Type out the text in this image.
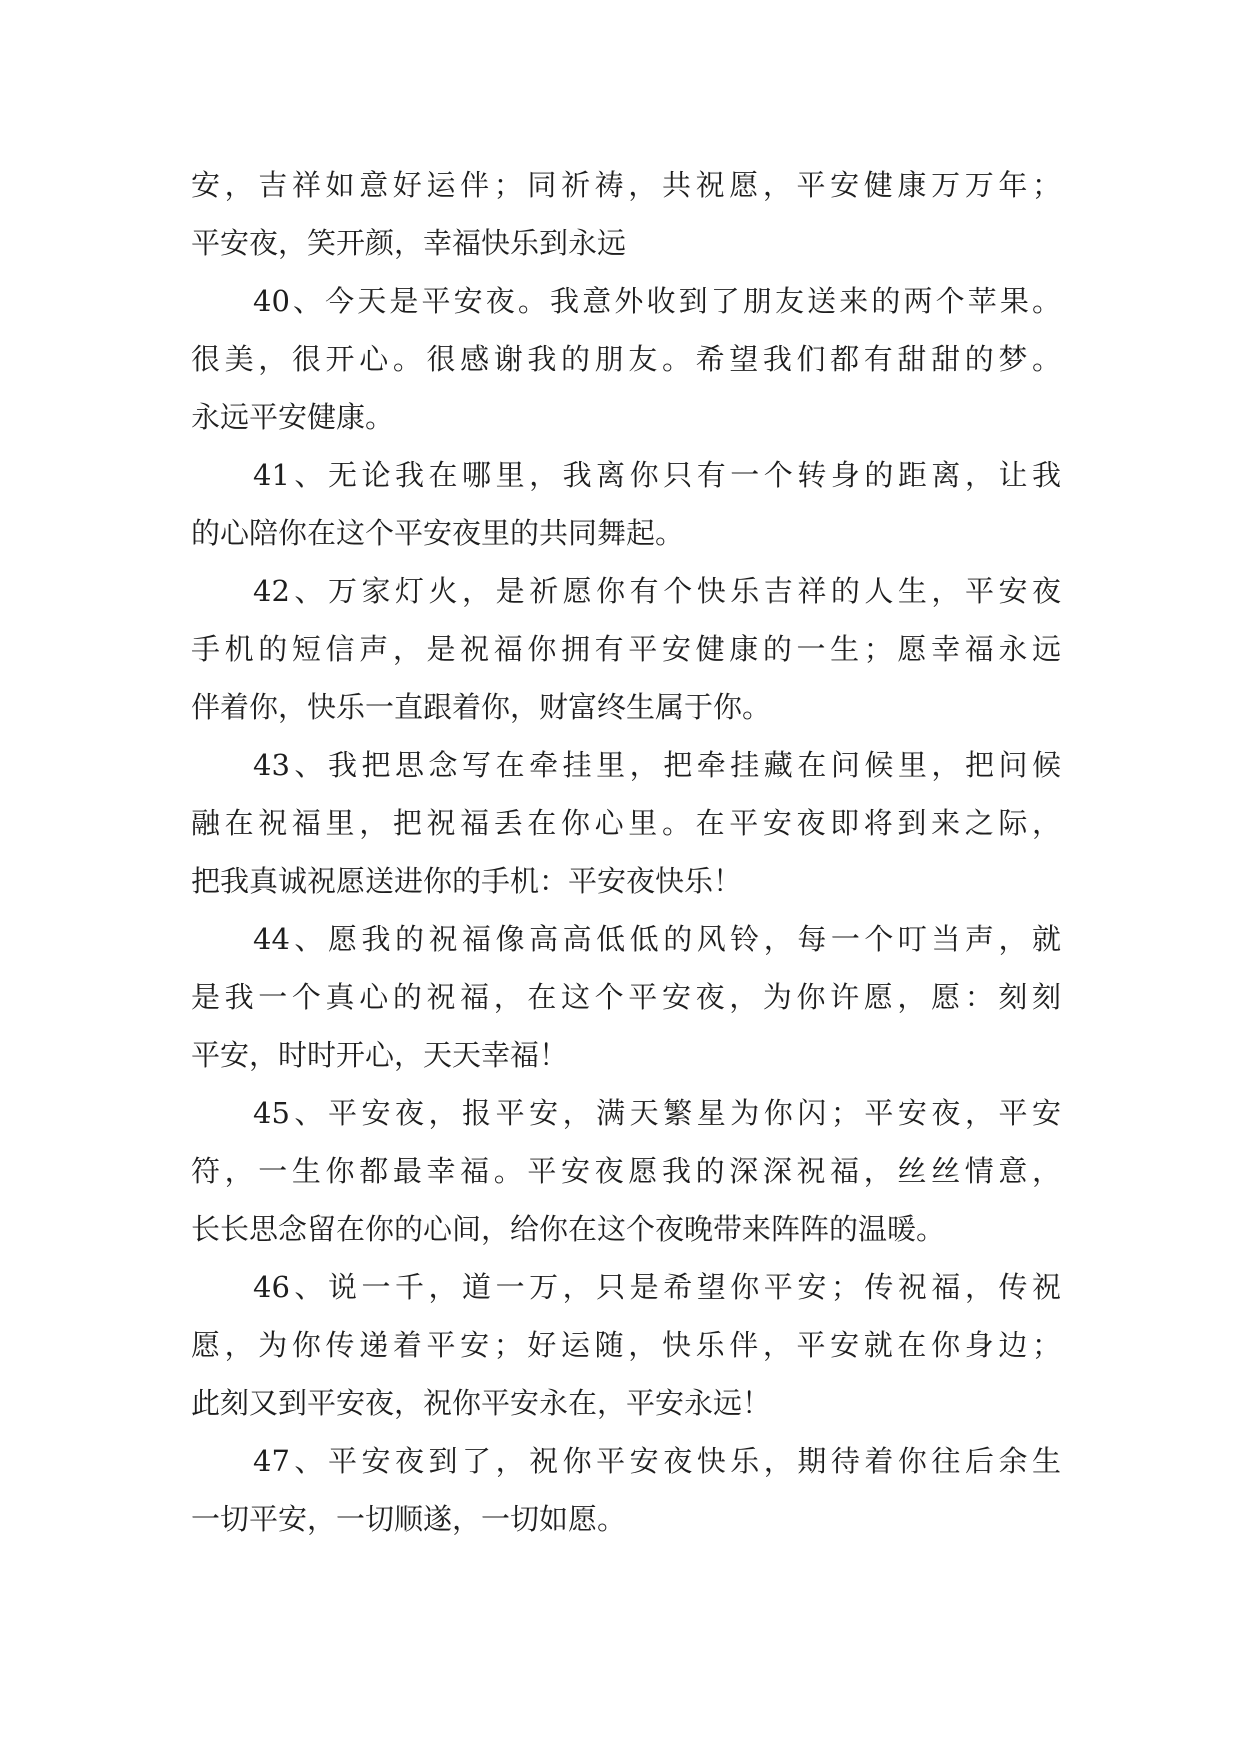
安，吉祥如意好运伴；同祈祷，共祝愿，平安健康万万年；
平安夜，笑开颜，幸福快乐到永远
40、今天是平安夜。我意外收到了朋友送来的两个苹果。
很美，很开心。很感谢我的朋友。希望我们都有甜甜的梦。
永远平安健康。
41、无论我在哪里，我离你只有一个转身的距离，让我
的心陪你在这个平安夜里的共同舞起。
42、万家灯火，是祈愿你有个快乐吉祥的人生，平安夜
手机的短信声，是祝福你拥有平安健康的一生；愿幸福永远
伴着你，快乐一直跟着你，财富终生属于你。
43、我把思念写在牵挂里，把牵挂藏在问候里，把问候
融在祝福里，把祝福丢在你心里。在平安夜即将到来之际，
把我真诚祝愿送进你的手机：平安夜快乐！
44、愿我的祝福像高高低低的风铃，每一个叮当声，就
是我一个真心的祝福，在这个平安夜，为你许愿，愿：刻刻
平安，时时开心，天天幸福！
45、平安夜，报平安，满天繁星为你闪；平安夜，平安
符，一生你都最幸福。平安夜愿我的深深祝福，丝丝情意，
长长思念留在你的心间，给你在这个夜晚带来阵阵的温暖。
46、说一千，道一万，只是希望你平安；传祝福，传祝
愿，为你传递着平安；好运随，快乐伴，平安就在你身边；
此刻又到平安夜，祝你平安永在，平安永远！
47、平安夜到了，祝你平安夜快乐，期待着你往后余生
一切平安，一切顺遂，一切如愿。
